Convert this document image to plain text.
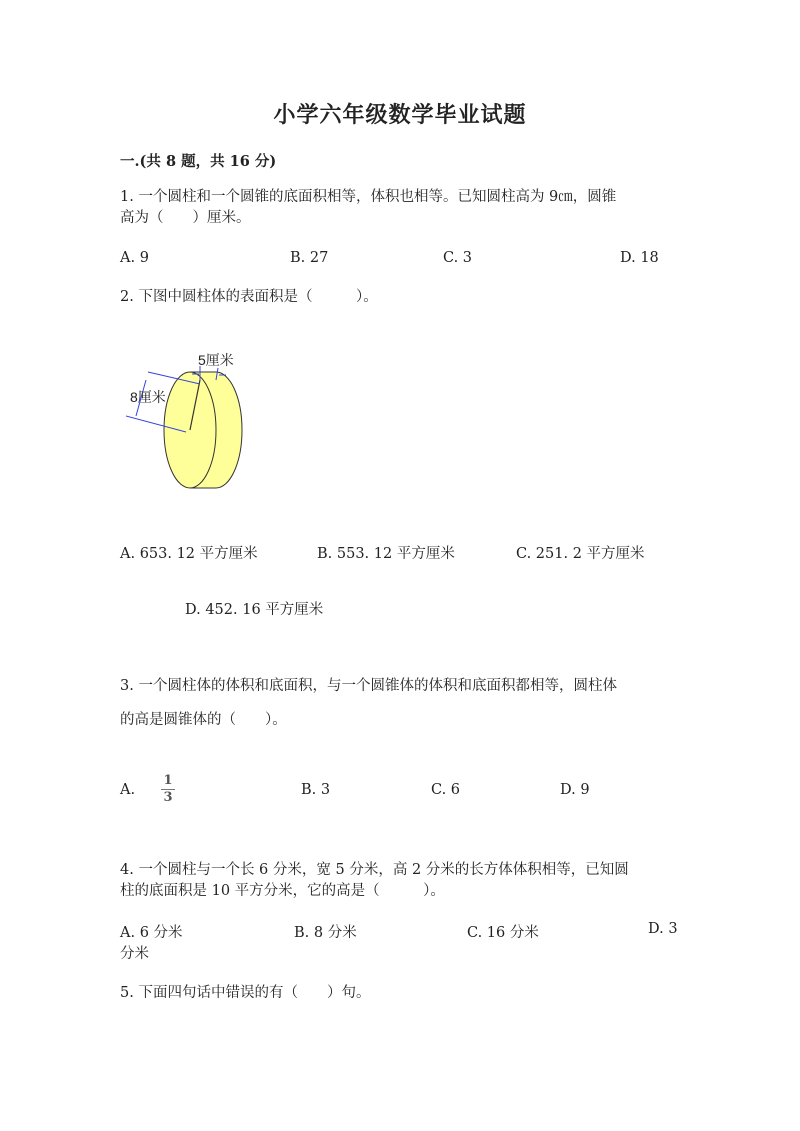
小学六年级数学毕业试题
一.(共 8 题，共 16 分)
1. 一个圆柱和一个圆锥的底面积相等，体积也相等。已知圆柱高为 9㎝，圆锥
高为（　　）厘米。
A. 9	B. 27	C. 3	D. 18
2. 下图中圆柱体的表面积是（　　　）。
5厘米
8厘米
A. 653. 12 平方厘米	B. 553. 12 平方厘米	C. 251. 2 平方厘米
D. 452. 16 平方厘米
3. 一个圆柱体的体积和底面积，与一个圆锥体的体积和底面积都相等，圆柱体
的高是圆锥体的（　　）。
A.
1
3	B. 3	C. 6	D. 9
4. 一个圆柱与一个长 6 分米，宽 5 分米，高 2 分米的长方体体积相等，已知圆
柱的底面积是 10 平方分米，它的高是（　　　）。
A. 6 分米	B. 8 分米	C. 16 分米	D. 3
分米
5. 下面四句话中错误的有（　　）句。
